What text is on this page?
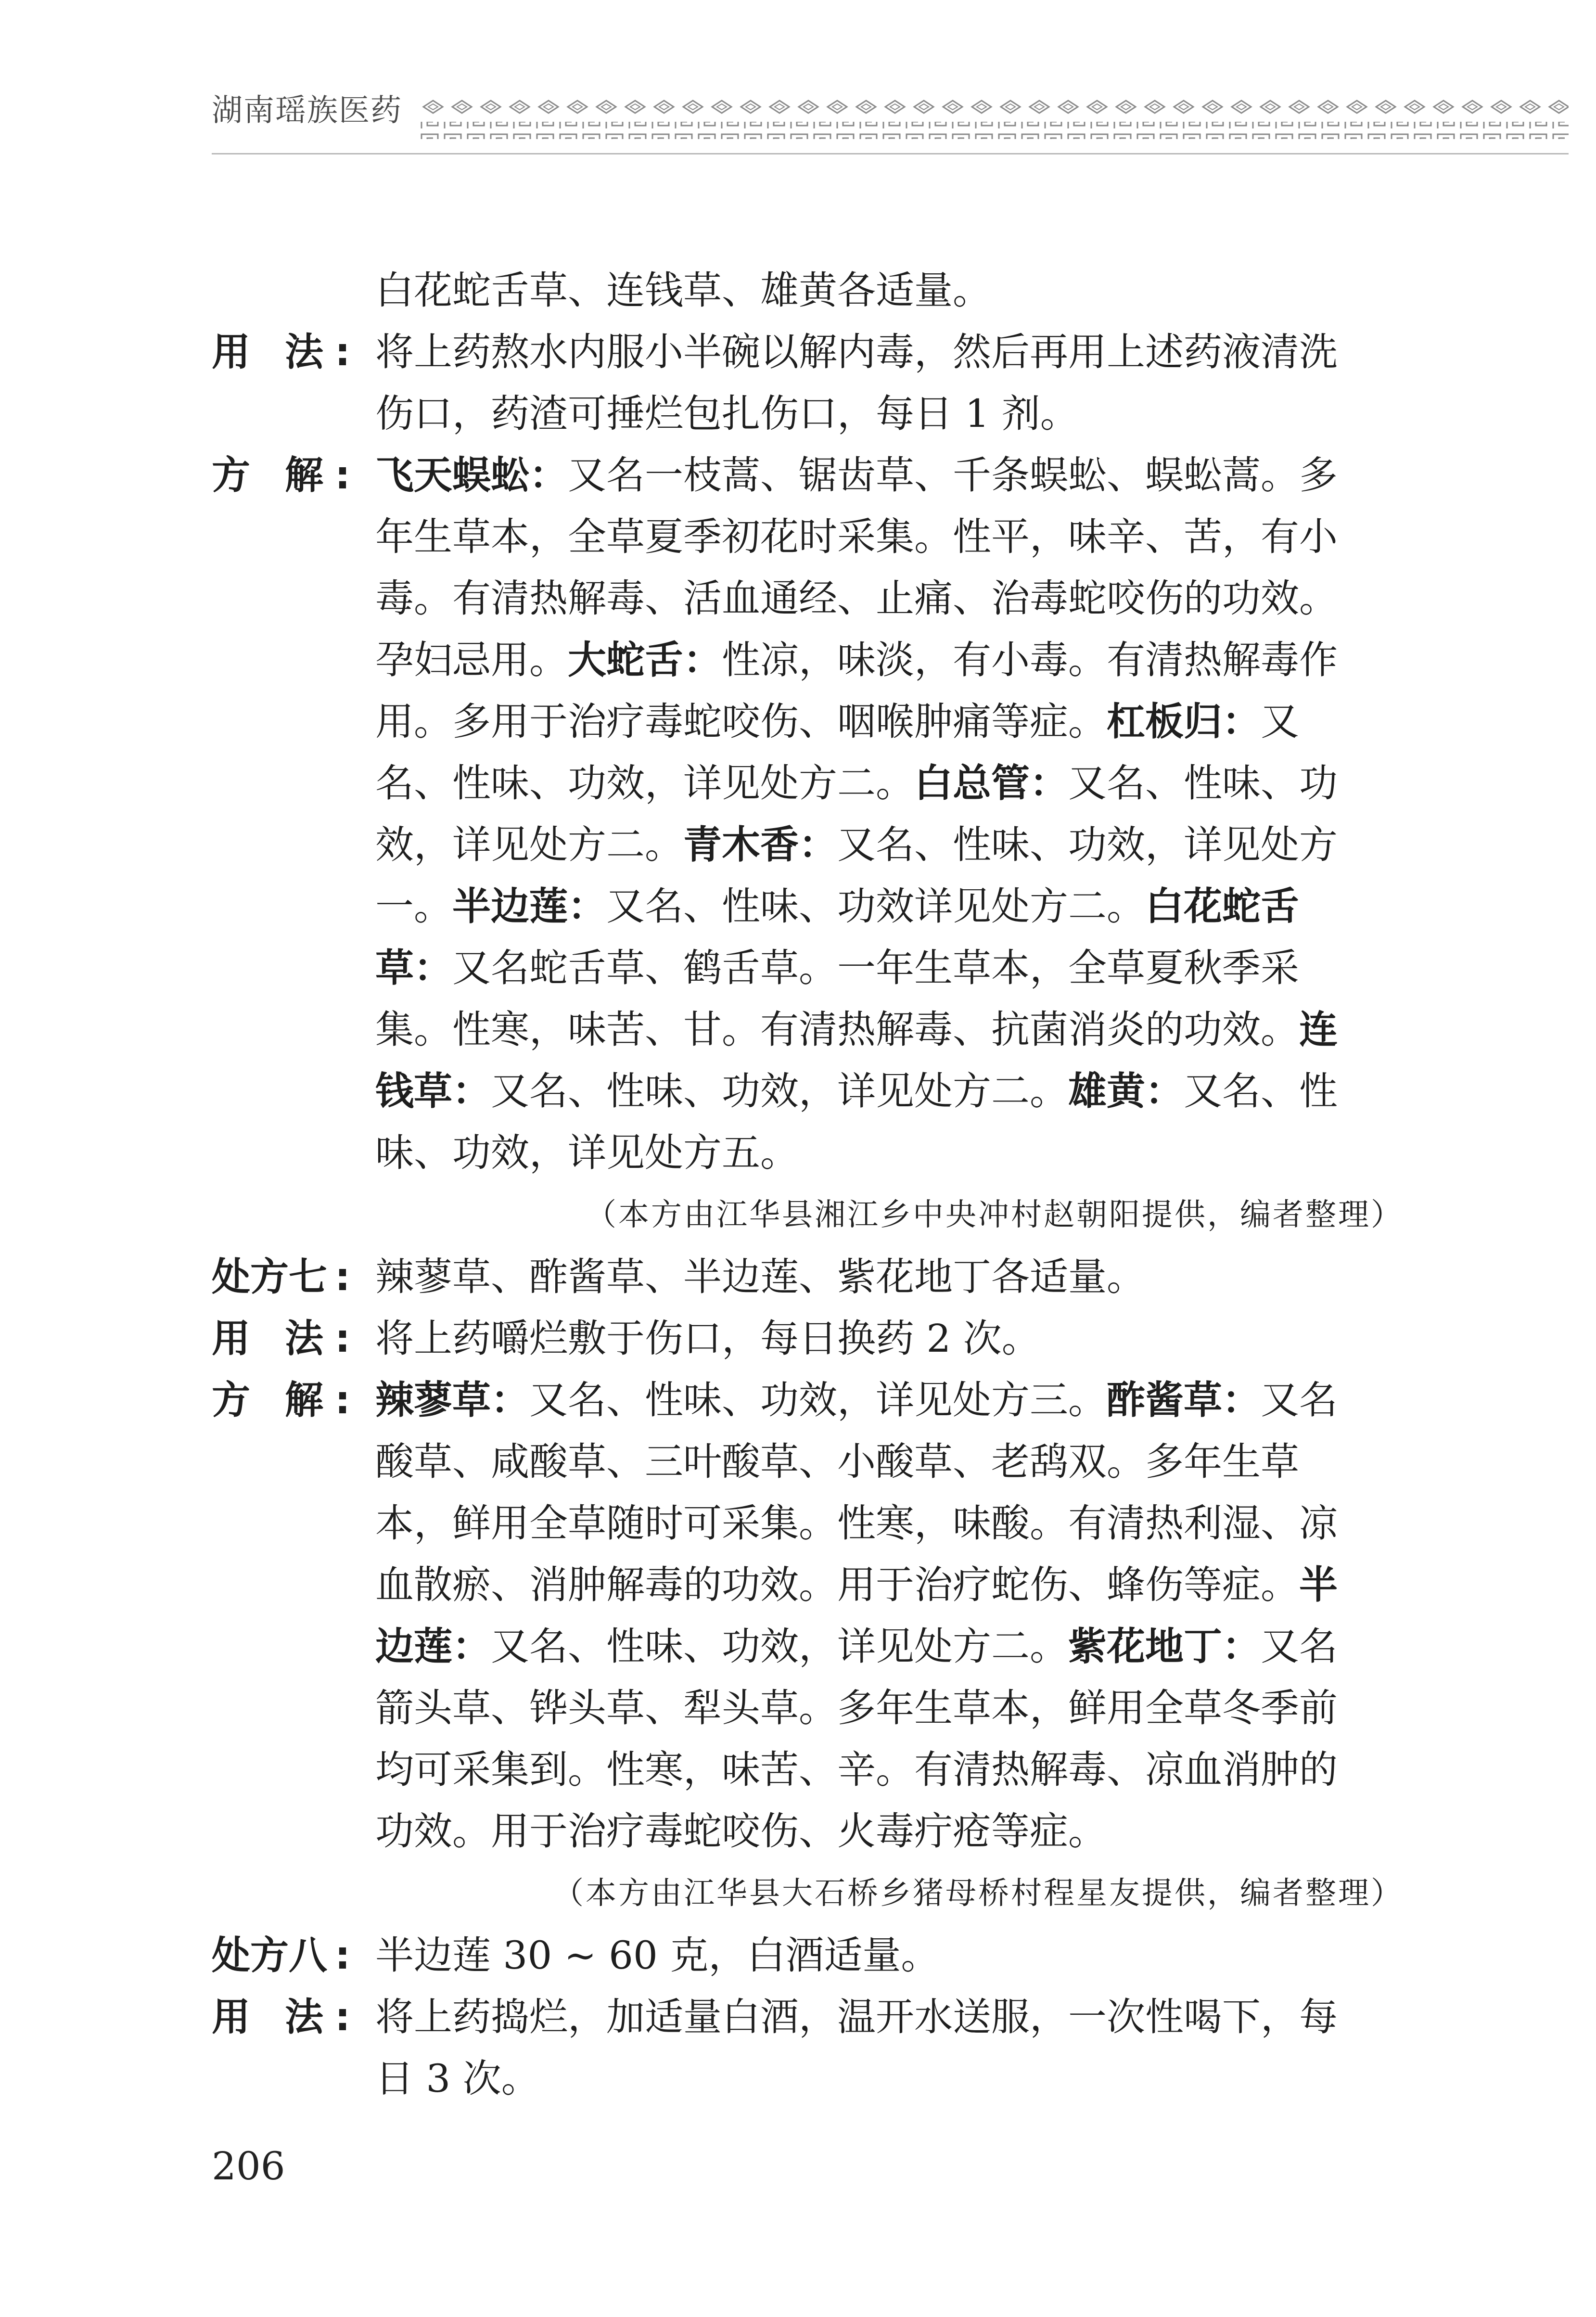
湖南瑶族医药
白花蛇舌草、连钱草、雄黄各适量。
用 法 : 将上药熬水内服小半碗以解内毒，然后再用上述药液清洗
伤口，药渣可捶烂包扎伤口，每日 1 剂。
方 解 : 飞天蜈蚣：又名一枝蒿、锯齿草、千条蜈蚣、蜈蚣蒿。多
年生草本，全草夏季初花时采集。性平，味辛、苦，有小
毒。有清热解毒、活血通经、止痛、治毒蛇咬伤的功效。
孕妇忌用。大蛇舌：性凉，味淡，有小毒。有清热解毒作
用。多用于治疗毒蛇咬伤、咽喉肿痛等症。杠板归：又
名、性味、功效，详见处方二。白总管：又名、性味、功
效，详见处方二。青木香：又名、性味、功效，详见处方
一。半边莲：又名、性味、功效详见处方二。白花蛇舌
草：又名蛇舌草、鹤舌草。一年生草本，全草夏秋季采
集。性寒，味苦、甘。有清热解毒、抗菌消炎的功效。连
钱草：又名、性味、功效，详见处方二。雄黄：又名、性
味、功效，详见处方五。
（本方由江华县湘江乡中央冲村赵朝阳提供，编者整理）
处方七 : 辣蓼草、酢酱草、半边莲、紫花地丁各适量。
用 法 : 将上药嚼烂敷于伤口，每日换药 2 次。
方 解 : 辣蓼草：又名、性味、功效，详见处方三。酢酱草：又名
酸草、咸酸草、三叶酸草、小酸草、老鸹双。多年生草
本，鲜用全草随时可采集。性寒，味酸。有清热利湿、凉
血散瘀、消肿解毒的功效。用于治疗蛇伤、蜂伤等症。半
边莲：又名、性味、功效，详见处方二。紫花地丁：又名
箭头草、铧头草、犁头草。多年生草本，鲜用全草冬季前
均可采集到。性寒，味苦、辛。有清热解毒、凉血消肿的
功效。用于治疗毒蛇咬伤、火毒疔疮等症。
（本方由江华县大石桥乡猪母桥村程星友提供，编者整理）
处方八 : 半边莲 30 ~ 60 克，白酒适量。
用 法 : 将上药捣烂，加适量白酒，温开水送服，一次性喝下，每
日 3 次。
206
